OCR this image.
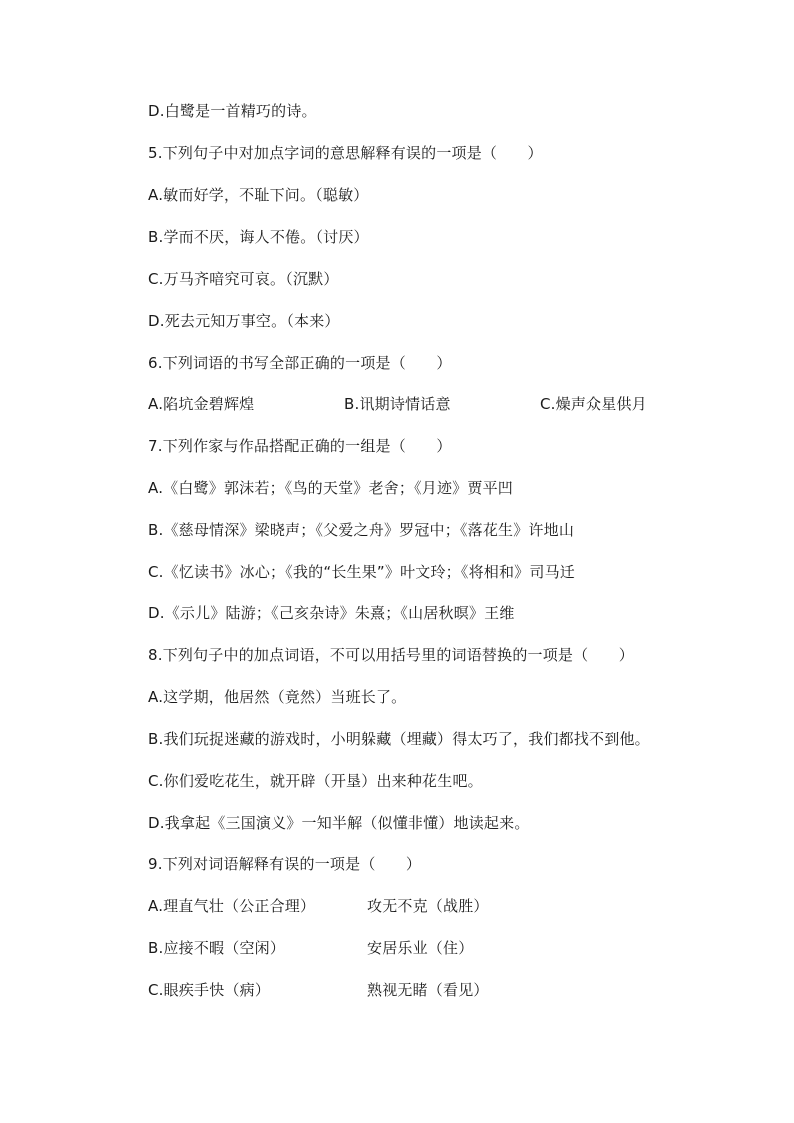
D.白鹭是一首精巧的诗。
5.下列句子中对加点字词的意思解释有误的一项是（　　）
A.敏而好学，不耻下问。（聪敏）
B.学而不厌，诲人不倦。（讨厌）
C.万马齐喑究可哀。（沉默）
D.死去元知万事空。（本来）
6.下列词语的书写全部正确的一项是（　　）
A.陷坑金碧辉煌	B.讯期诗情话意	C.燥声众星供月
7.下列作家与作品搭配正确的一组是（　　）
A.《白鹭》郭沫若；《鸟的天堂》老舍；《月迹》贾平凹
B.《慈母情深》梁晓声；《父爱之舟》罗冠中；《落花生》许地山
C.《忆读书》冰心；《我的“长生果”》叶文玲；《将相和》司马迁
D.《示儿》陆游；《己亥杂诗》朱熹；《山居秋暝》王维
8.下列句子中的加点词语，不可以用括号里的词语替换的一项是（　　）
A.这学期，他居然（竟然）当班长了。
B.我们玩捉迷藏的游戏时，小明躲藏（埋藏）得太巧了，我们都找不到他。
C.你们爱吃花生，就开辟（开垦）出来种花生吧。
D.我拿起《三国演义》一知半解（似懂非懂）地读起来。
9.下列对词语解释有误的一项是（　　）
A.理直气壮（公正合理）	攻无不克（战胜）
B.应接不暇（空闲）	安居乐业（住）
C.眼疾手快（病）	熟视无睹（看见）
